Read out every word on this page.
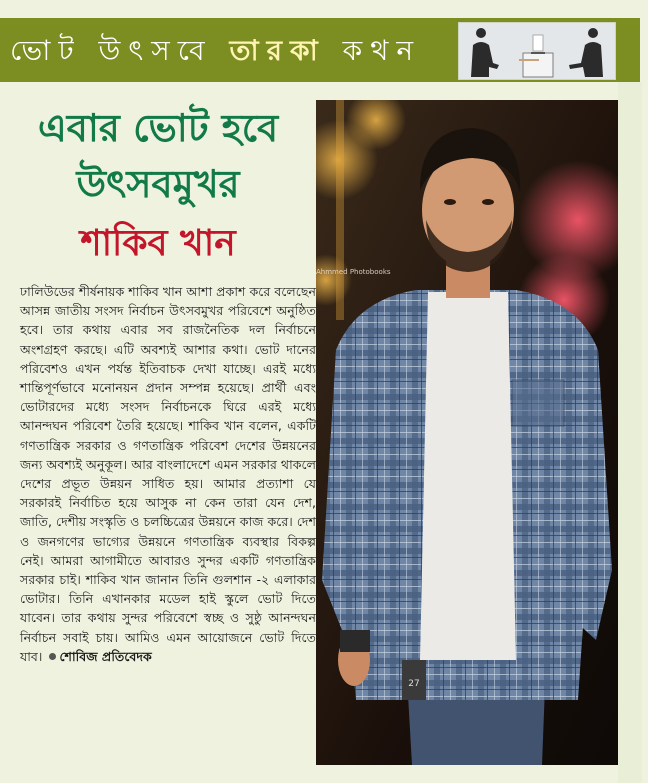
ভোট উৎসবে তারকা কথন
এবার ভোট হবে
উৎসবমুখর
শাকিব খান
ঢালিউডের শীর্ষনায়ক শাকিব খান আশা প্রকাশ করে বলেছেন আসন্ন জাতীয় সংসদ নির্বাচন উৎসবমুখর পরিবেশে অনুষ্ঠিত হবে। তার কথায় এবার সব রাজনৈতিক দল নির্বাচনে অংশগ্রহণ করছে। এটি অবশ্যই আশার কথা। ভোট দানের পরিবেশও এখন পর্যন্ত ইতিবাচক দেখা যাচ্ছে। এরই মধ্যে শান্তিপূর্ণভাবে মনোনয়ন প্রদান সম্পন্ন হয়েছে। প্রার্থী এবং ভোটারদের মধ্যে সংসদ নির্বাচনকে ঘিরে এরই মধ্যে আনন্দঘন পরিবেশ তৈরি হয়েছে। শাকিব খান বলেন, একটি গণতান্ত্রিক সরকার ও গণতান্ত্রিক পরিবেশ দেশের উন্নয়নের জন্য অবশ্যই অনুকূল। আর বাংলাদেশে এমন সরকার থাকলে দেশের প্রভূত উন্নয়ন সাধিত হয়। আমার প্রত্যাশা যে সরকারই নির্বাচিত হয়ে আসুক না কেন তারা যেন দেশ, জাতি, দেশীয় সংস্কৃতি ও চলচ্চিত্রের উন্নয়নে কাজ করে। দেশ ও জনগণের ভাগ্যের উন্নয়নে গণতান্ত্রিক ব্যবস্থার বিকল্প নেই। আমরা আগামীতে আবারও সুন্দর একটি গণতান্ত্রিক সরকার চাই। শাকিব খান জানান তিনি গুলশান -২ এলাকার ভোটার। তিনি এখানকার মডেল হাই স্কুলে ভোট দিতে যাবেন। তার কথায় সুন্দর পরিবেশে স্বচ্ছ ও সুষ্ঠু আনন্দঘন নির্বাচন সবাই চায়। আমিও এমন আয়োজনে ভোট দিতে যাব। শোবিজ প্রতিবেদক
27
Ahmmed Photobooks
